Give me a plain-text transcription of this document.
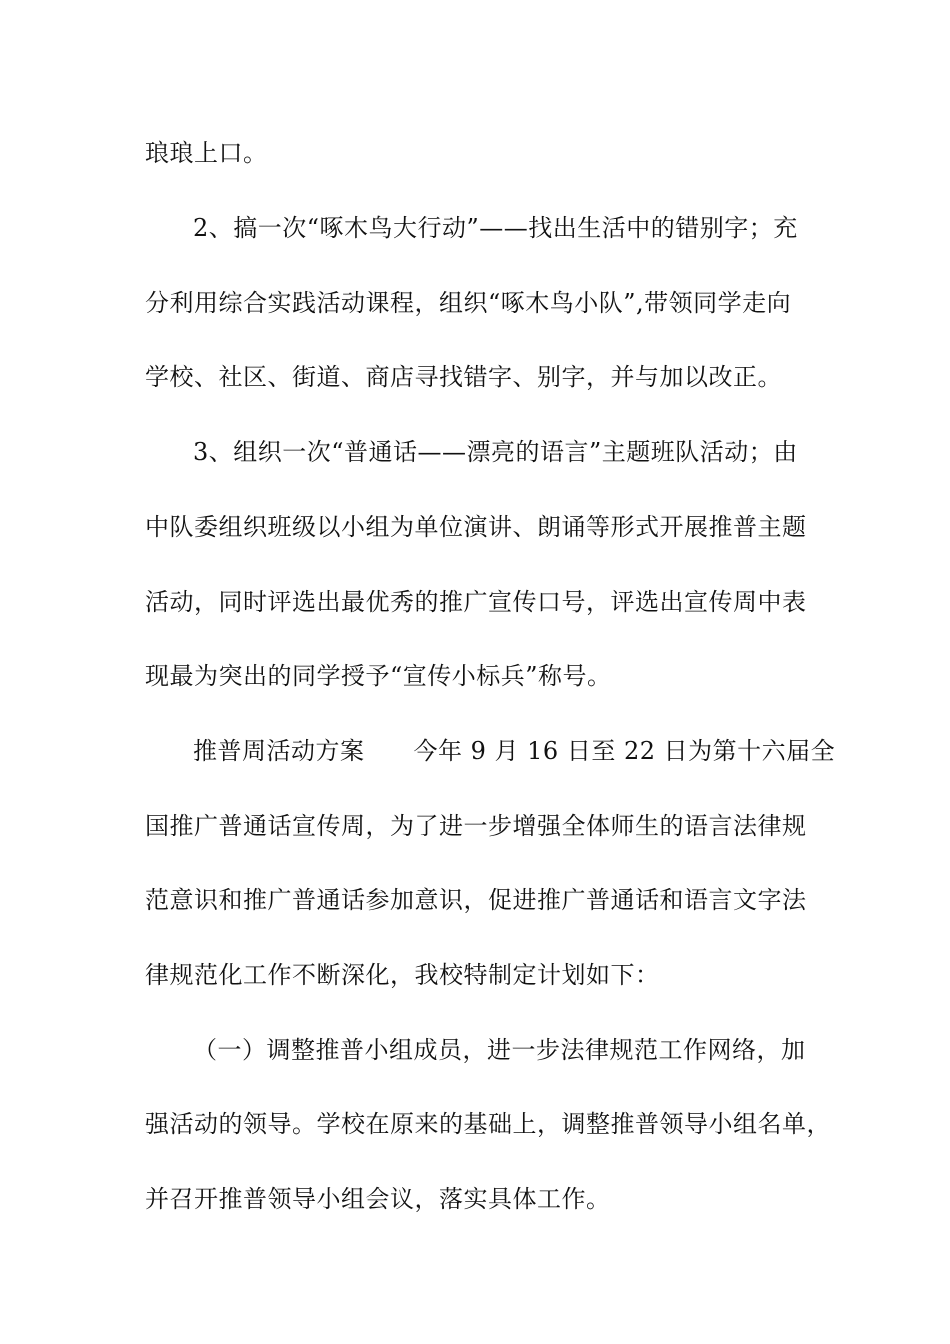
琅琅上口。
2、搞一次“啄木鸟大行动”——找出生活中的错别字；充
分利用综合实践活动课程，组织“啄木鸟小队”,带领同学走向
学校、社区、街道、商店寻找错字、别字，并与加以改正。
3、组织一次“普通话——漂亮的语言”主题班队活动；由
中队委组织班级以小组为单位演讲、朗诵等形式开展推普主题
活动，同时评选出最优秀的推广宣传口号，评选出宣传周中表
现最为突出的同学授予“宣传小标兵”称号。
推普周活动方案　　今年 9 月 16 日至 22 日为第十六届全
国推广普通话宣传周，为了进一步增强全体师生的语言法律规
范意识和推广普通话参加意识，促进推广普通话和语言文字法
律规范化工作不断深化，我校特制定计划如下：
（一）调整推普小组成员，进一步法律规范工作网络，加
强活动的领导。学校在原来的基础上，调整推普领导小组名单，
并召开推普领导小组会议，落实具体工作。
